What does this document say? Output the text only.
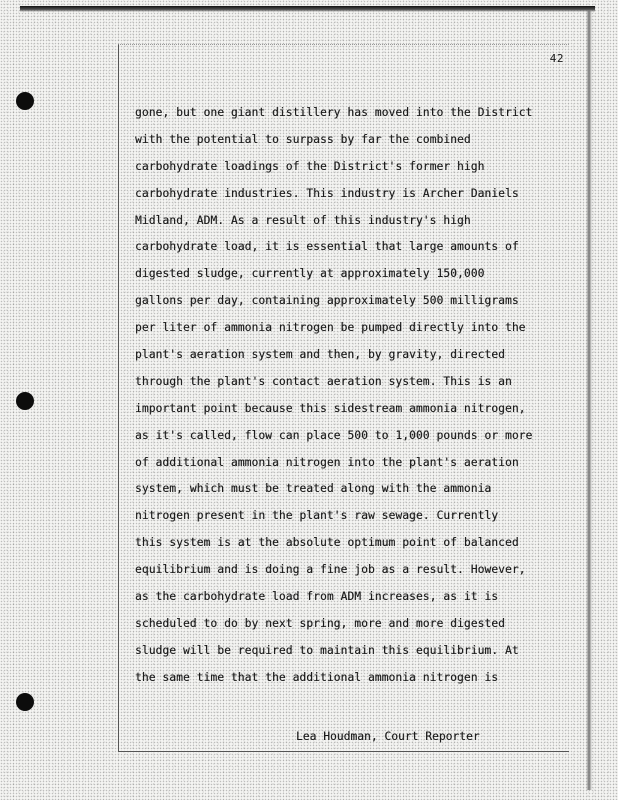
42
gone, but one giant distillery has moved into the District
with the potential to surpass by far the combined
carbohydrate loadings of the District's former high
carbohydrate industries. This industry is Archer Daniels
Midland, ADM. As a result of this industry's high
carbohydrate load, it is essential that large amounts of
digested sludge, currently at approximately 150,000
gallons per day, containing approximately 500 milligrams
per liter of ammonia nitrogen be pumped directly into the
plant's aeration system and then, by gravity, directed
through the plant's contact aeration system. This is an
important point because this sidestream ammonia nitrogen,
as it's called, flow can place 500 to 1,000 pounds or more
of additional ammonia nitrogen into the plant's aeration
system, which must be treated along with the ammonia
nitrogen present in the plant's raw sewage. Currently
this system is at the absolute optimum point of balanced
equilibrium and is doing a fine job as a result. However,
as the carbohydrate load from ADM increases, as it is
scheduled to do by next spring, more and more digested
sludge will be required to maintain this equilibrium. At
the same time that the additional ammonia nitrogen is
Lea Houdman, Court Reporter
